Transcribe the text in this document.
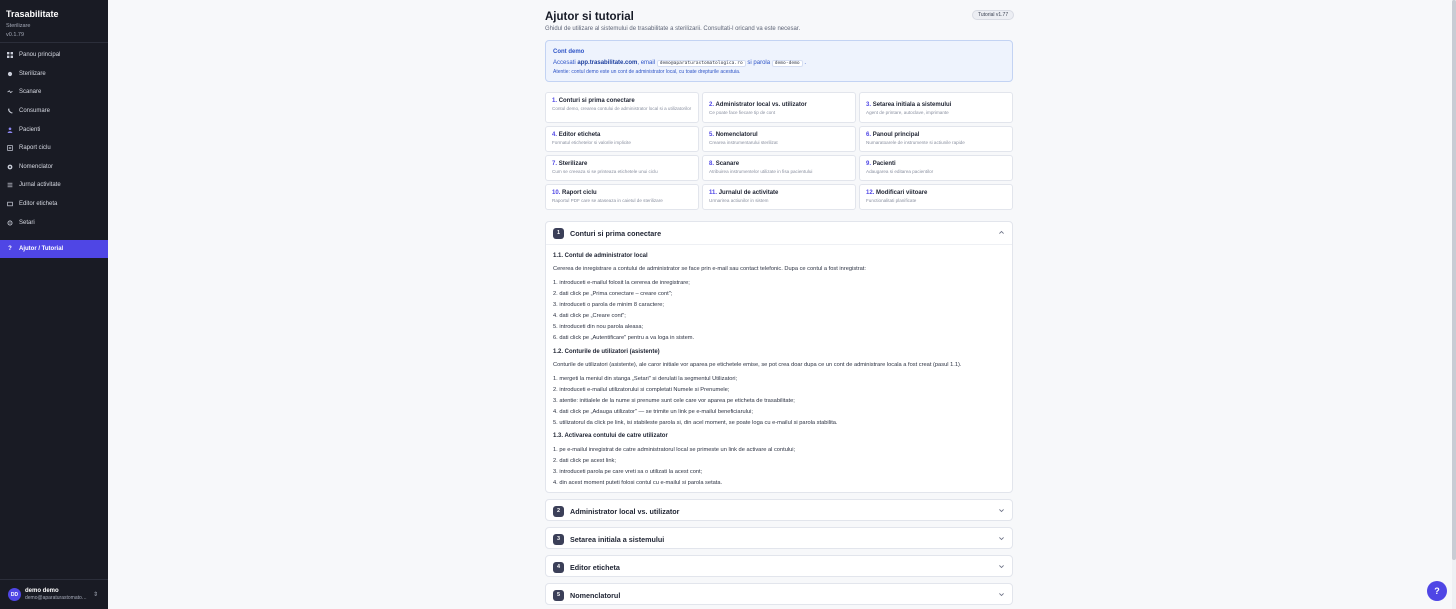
Trasabilitate
Sterilizare
v0.1.79
Panou principal
Sterilizare
Scanare
Consumare
Pacienti
Raport ciclu
Nomenclator
Jurnal activitate
Editor eticheta
Setari
?	Ajutor / Tutorial
DD
demo demo
demo@aparaturastomatol...	⇕
Ajutor si tutorial
Ghidul de utilizare al sistemului de trasabilitate a sterilizarii. Consultati-l oricand va este necesar.
Tutorial v1.77
Cont demo
Accesati app.trasabilitate.com, email demo@aparaturastomatologica.ro si parola demo-demo .
Atentie: contul demo este un cont de administrator local, cu toate drepturile acestuia.
1. Conturi si prima conectare
Contul demo, crearea contului de administrator local si a utilizatorilor
2. Administrator local vs. utilizator
Ce poate face fiecare tip de cont
3. Setarea initiala a sistemului
Agent de printare, autoclave, imprimante
4. Editor eticheta
Formatul etichetelor si valorile implicite
5. Nomenclatorul
Crearea instrumentarului sterilizat
6. Panoul principal
Numaratoarele de instrumente si actiunile rapide
7. Sterilizare
Cum se creeaza si se printeaza etichetele unui ciclu
8. Scanare
Atribuirea instrumentelor utilizate in fisa pacientului
9. Pacienti
Adaugarea si editarea pacientilor
10. Raport ciclu
Raportul PDF care se ataseaza in caietul de sterilizare
11. Jurnalul de activitate
Urmarirea actiunilor in sistem
12. Modificari viitoare
Functionalitati planificate
1	Conturi si prima conectare
1.1. Contul de administrator local
Cererea de inregistrare a contului de administrator se face prin e-mail sau contact telefonic. Dupa ce contul a fost inregistrat:
1. introduceti e-mailul folosit la cererea de inregistrare;
2. dati click pe „Prima conectare – creare cont";
3. introduceti o parola de minim 8 caractere;
4. dati click pe „Creare cont";
5. introduceti din nou parola aleasa;
6. dati click pe „Autentificare" pentru a va loga in sistem.
1.2. Conturile de utilizatori (asistente)
Conturile de utilizatori (asistente), ale caror initiale vor aparea pe etichetele emise, se pot crea doar dupa ce un cont de administrare locala a fost creat (pasul 1.1).
1. mergeti la meniul din stanga „Setari" si derulati la segmentul Utilizatori;
2. introduceti e-mailul utilizatorului si completati Numele si Prenumele;
3. atentie: initialele de la nume si prenume sunt cele care vor aparea pe eticheta de trasabilitate;
4. dati click pe „Adauga utilizator" — se trimite un link pe e-mailul beneficiarului;
5. utilizatorul da click pe link, isi stabileste parola si, din acel moment, se poate loga cu e-mailul si parola stabilita.
1.3. Activarea contului de catre utilizator
1. pe e-mailul inregistrat de catre administratorul local se primeste un link de activare al contului;
2. dati click pe acest link;
3. introduceti parola pe care vreti sa o utilizati la acest cont;
4. din acest moment puteti folosi contul cu e-mailul si parola setata.
2	Administrator local vs. utilizator
3	Setarea initiala a sistemului
4	Editor eticheta
5	Nomenclatorul	?
